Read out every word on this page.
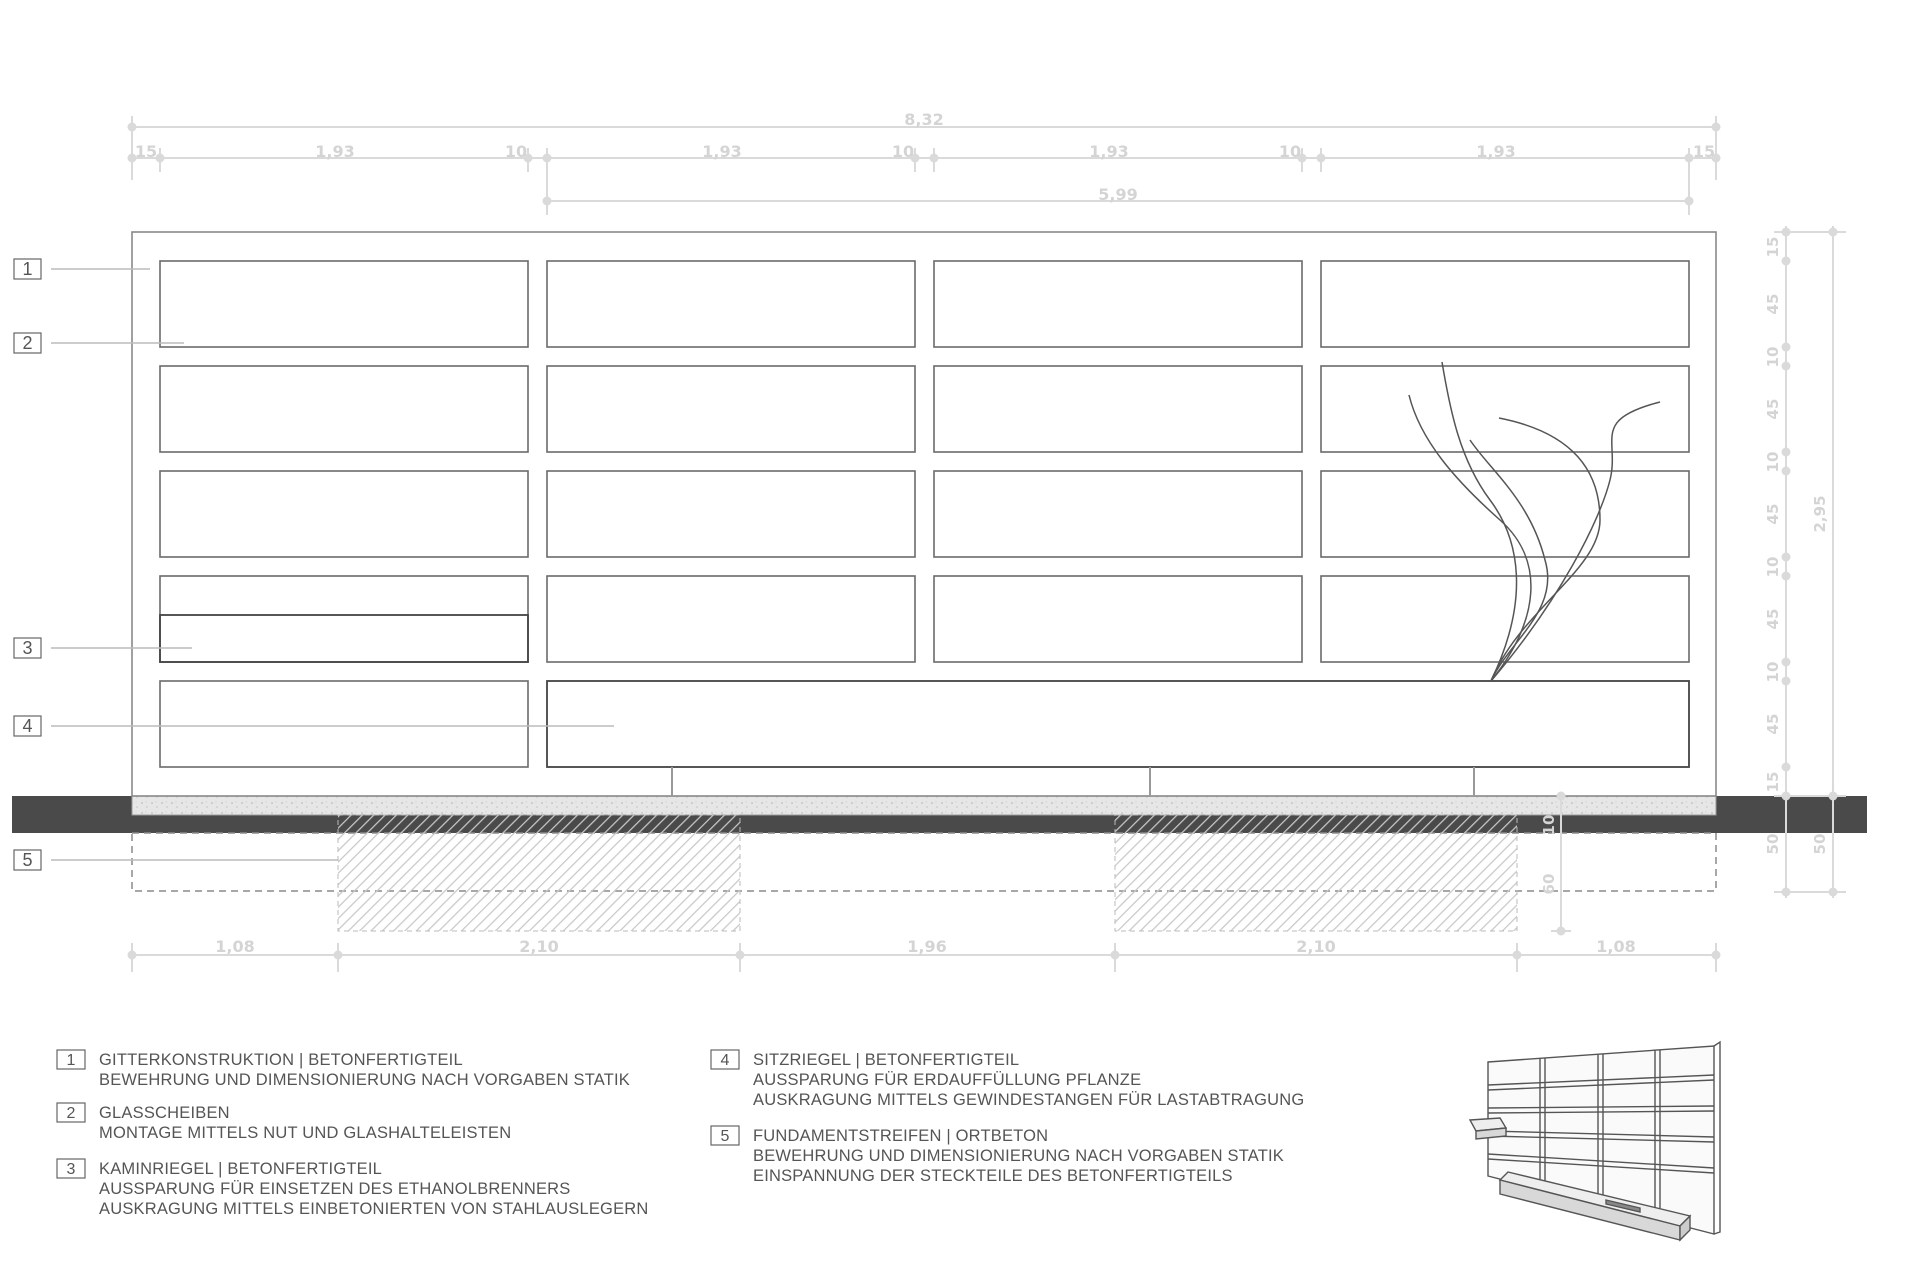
8,32
15	1,93	10	1,93	10	1,93	10	1,93	15
5,99
15
45
10
45
10
45
10
45
10
45
15
2,95
50 50
10
60
1,08	2,10	1,96	2,10	1,08
1
2
3
4
5
1 GITTERKONSTRUKTION | BETONFERTIGTEIL
BEWEHRUNG UND DIMENSIONIERUNG NACH VORGABEN STATIK
2 GLASSCHEIBEN
MONTAGE MITTELS NUT UND GLASHALTELEISTEN
3 KAMINRIEGEL | BETONFERTIGTEIL
AUSSPARUNG FÜR EINSETZEN DES ETHANOLBRENNERS
AUSKRAGUNG MITTELS EINBETONIERTEN VON STAHLAUSLEGERN
4 SITZRIEGEL | BETONFERTIGTEIL
AUSSPARUNG FÜR ERDAUFFÜLLUNG PFLANZE
AUSKRAGUNG MITTELS GEWINDESTANGEN FÜR LASTABTRAGUNG
5 FUNDAMENTSTREIFEN | ORTBETON
BEWEHRUNG UND DIMENSIONIERUNG NACH VORGABEN STATIK
EINSPANNUNG DER STECKTEILE DES BETONFERTIGTEILS
